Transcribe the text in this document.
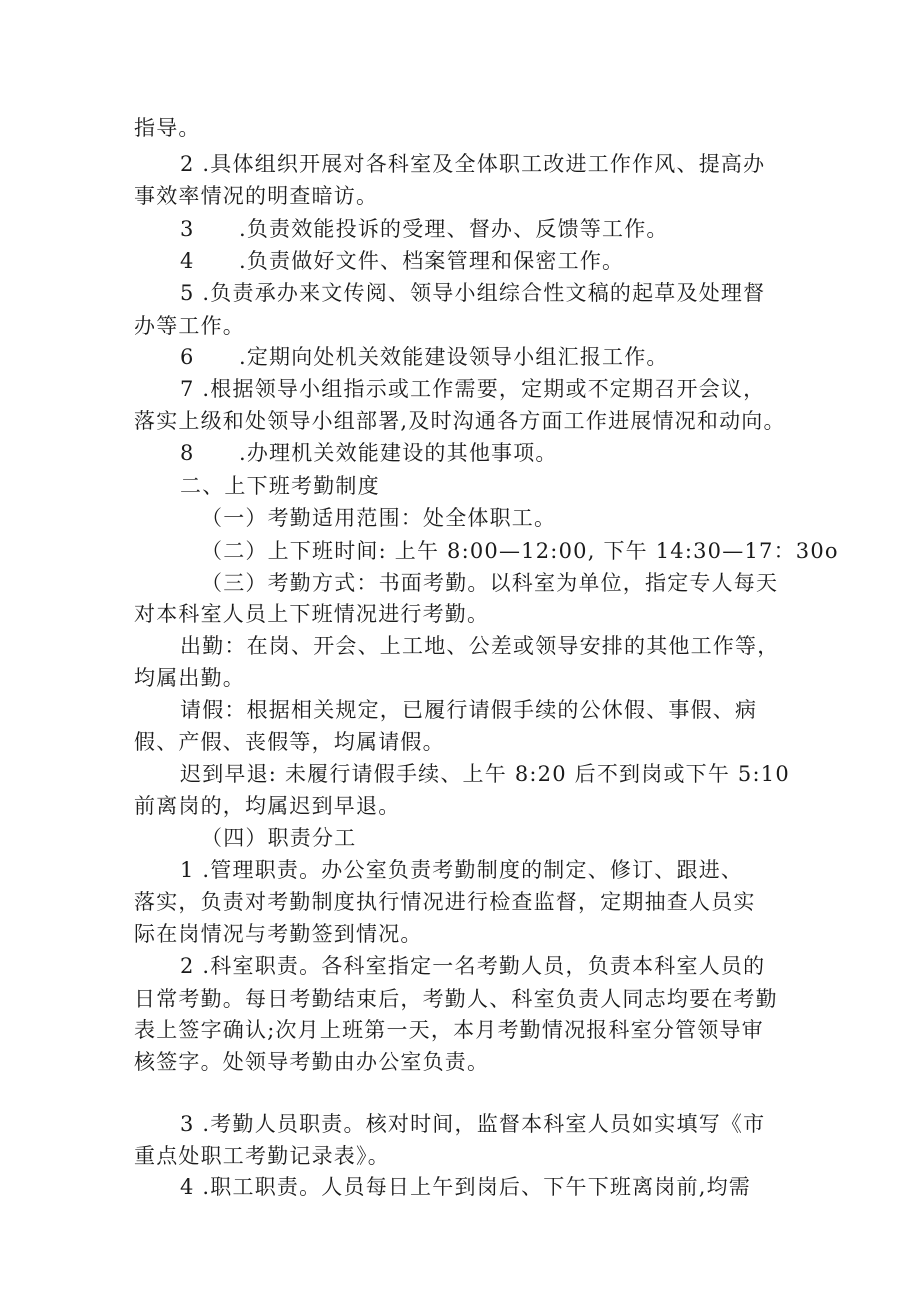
指导。
2 .具体组织开展对各科室及全体职工改进工作作风、提高办
事效率情况的明查暗访。
3　　.负责效能投诉的受理、督办、反馈等工作。
4　　.负责做好文件、档案管理和保密工作。
5 .负责承办来文传阅、领导小组综合性文稿的起草及处理督
办等工作。
6　　.定期向处机关效能建设领导小组汇报工作。
7 .根据领导小组指示或工作需要，定期或不定期召开会议，
落实上级和处领导小组部署,及时沟通各方面工作进展情况和动向。
8　　.办理机关效能建设的其他事项。
二、上下班考勤制度
（一）考勤适用范围：处全体职工。
（二）上下班时间: 上午 8:00—12:00, 下午 14:30—17：30o
（三）考勤方式：书面考勤。以科室为单位，指定专人每天
对本科室人员上下班情况进行考勤。
出勤：在岗、开会、上工地、公差或领导安排的其他工作等，
均属出勤。
请假：根据相关规定，已履行请假手续的公休假、事假、病
假、产假、丧假等，均属请假。
迟到早退: 未履行请假手续、上午 8:20 后不到岗或下午 5:10
前离岗的，均属迟到早退。
（四）职责分工
1 .管理职责。办公室负责考勤制度的制定、修订、跟进、
落实，负责对考勤制度执行情况进行检查监督，定期抽查人员实
际在岗情况与考勤签到情况。
2 .科室职责。各科室指定一名考勤人员，负责本科室人员的
日常考勤。每日考勤结束后，考勤人、科室负责人同志均要在考勤
表上签字确认;次月上班第一天，本月考勤情况报科室分管领导审
核签字。处领导考勤由办公室负责。
3 .考勤人员职责。核对时间，监督本科室人员如实填写《市
重点处职工考勤记录表》。
4 .职工职责。人员每日上午到岗后、下午下班离岗前,均需
